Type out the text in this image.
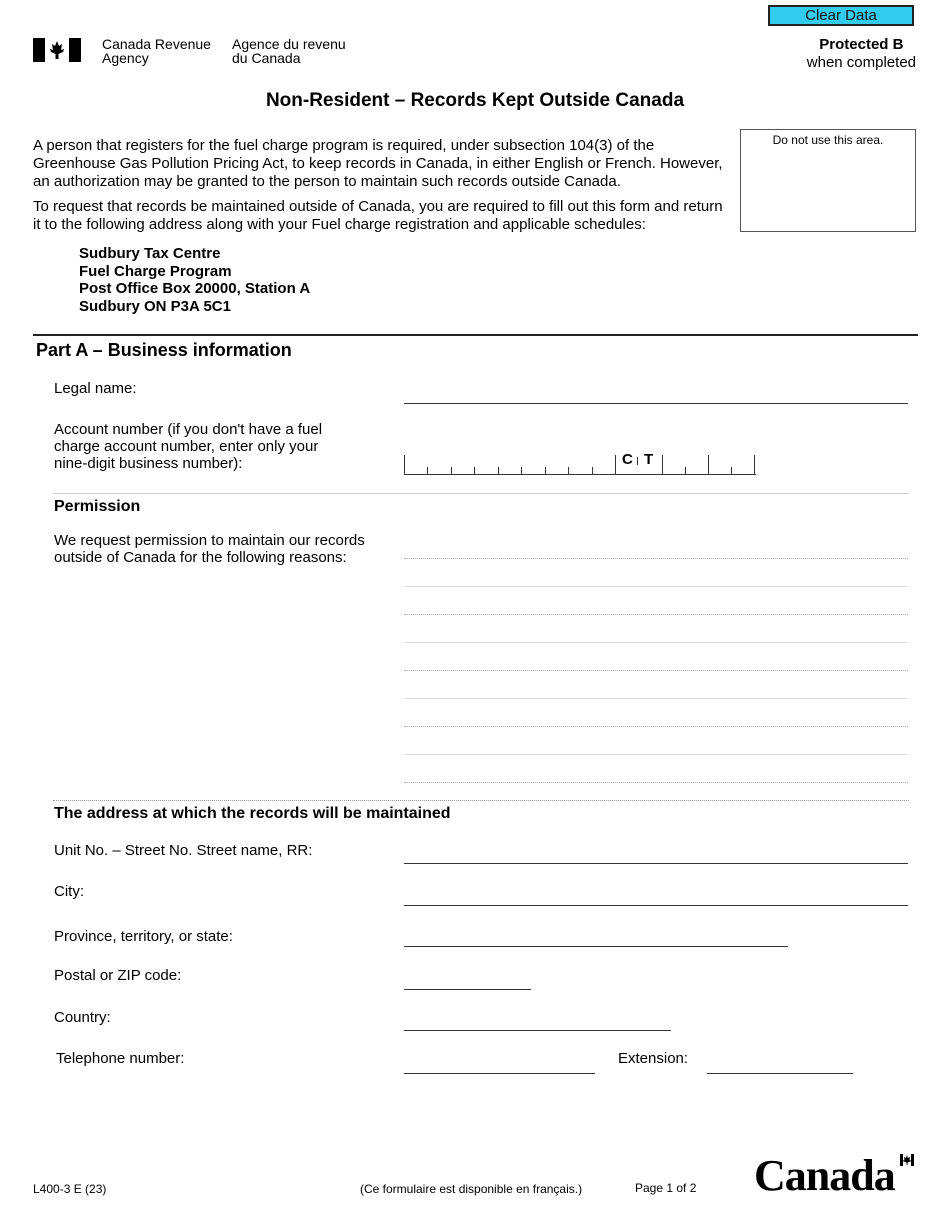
Canada Revenue
Agency
Agence du revenu
du Canada
Clear Data
Protected B
when completed
Non-Resident – Records Kept Outside Canada
A person that registers for the fuel charge program is required, under subsection 104(3) of the Greenhouse Gas Pollution Pricing Act, to keep records in Canada, in either English or French. However, an authorization may be granted to the person to maintain such records outside Canada.
To request that records be maintained outside of Canada, you are required to fill out this form and return it to the following address along with your Fuel charge registration and applicable schedules:
Sudbury Tax Centre
Fuel Charge Program
Post Office Box 20000, Station A
Sudbury ON P3A 5C1
Do not use this area.
Part A – Business information
Legal name:
Account number (if you don't have a fuel charge account number, enter only your nine-digit business number):	C T
Permission
We request permission to maintain our records outside of Canada for the following reasons:
The address at which the records will be maintained
Unit No. – Street No. Street name, RR:
City:
Province, territory, or state:
Postal or ZIP code:
Country:
Telephone number:	Extension:
L400-3 E (23)	(Ce formulaire est disponible en français.)	Page 1 of 2 Canada
